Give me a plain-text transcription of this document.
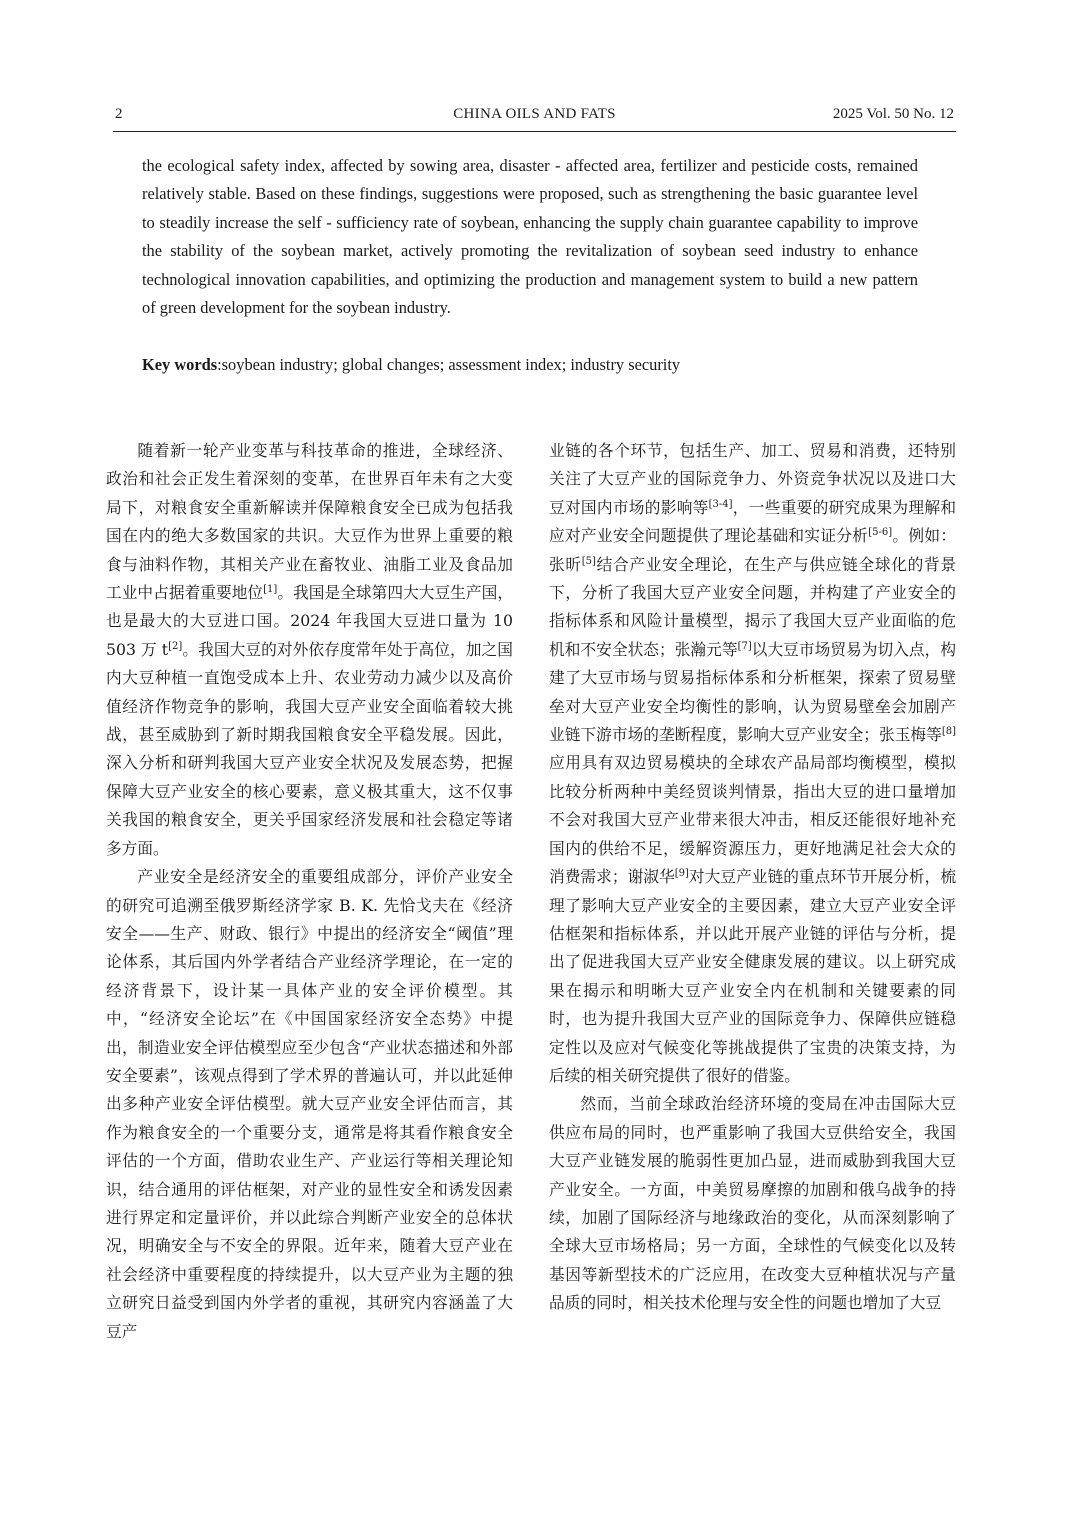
2	CHINA OILS AND FATS	2025 Vol. 50 No. 12
the ecological safety index, affected by sowing area, disaster - affected area, fertilizer and pesticide costs, remained relatively stable. Based on these findings, suggestions were proposed, such as strengthening the basic guarantee level to steadily increase the self - sufficiency rate of soybean, enhancing the supply chain guarantee capability to improve the stability of the soybean market, actively promoting the revitalization of soybean seed industry to enhance technological innovation capabilities, and optimizing the production and management system to build a new pattern of green development for the soybean industry.
Key words:soybean industry; global changes; assessment index; industry security

随着新一轮产业变革与科技革命的推进，全球经济、政治和社会正发生着深刻的变革，在世界百年未有之大变局下，对粮食安全重新解读并保障粮食安全已成为包括我国在内的绝大多数国家的共识。大豆作为世界上重要的粮食与油料作物，其相关产业在畜牧业、油脂工业及食品加工业中占据着重要地位[1]。我国是全球第四大大豆生产国，也是最大的大豆进口国。2024 年我国大豆进口量为 10 503 万 t[2]。我国大豆的对外依存度常年处于高位，加之国内大豆种植一直饱受成本上升、农业劳动力减少以及高价值经济作物竞争的影响，我国大豆产业安全面临着较大挑战，甚至威胁到了新时期我国粮食安全平稳发展。因此，深入分析和研判我国大豆产业安全状况及发展态势，把握保障大豆产业安全的核心要素，意义极其重大，这不仅事关我国的粮食安全，更关乎国家经济发展和社会稳定等诸多方面。

产业安全是经济安全的重要组成部分，评价产业安全的研究可追溯至俄罗斯经济学家 B. K. 先恰戈夫在《经济安全——生产、财政、银行》中提出的经济安全“阈值”理论体系，其后国内外学者结合产业经济学理论，在一定的经济背景下，设计某一具体产业的安全评价模型。其中，“经济安全论坛”在《中国国家经济安全态势》中提出，制造业安全评估模型应至少包含“产业状态描述和外部安全要素”，该观点得到了学术界的普遍认可，并以此延伸出多种产业安全评估模型。就大豆产业安全评估而言，其作为粮食安全的一个重要分支，通常是将其看作粮食安全评估的一个方面，借助农业生产、产业运行等相关理论知识，结合通用的评估框架，对产业的显性安全和诱发因素进行界定和定量评价，并以此综合判断产业安全的总体状况，明确安全与不安全的界限。近年来，随着大豆产业在社会经济中重要程度的持续提升，以大豆产业为主题的独立研究日益受到国内外学者的重视，其研究内容涵盖了大豆产

业链的各个环节，包括生产、加工、贸易和消费，还特别关注了大豆产业的国际竞争力、外资竞争状况以及进口大豆对国内市场的影响等[3-4]，一些重要的研究成果为理解和应对产业安全问题提供了理论基础和实证分析[5-6]。例如：张昕[5]结合产业安全理论，在生产与供应链全球化的背景下，分析了我国大豆产业安全问题，并构建了产业安全的指标体系和风险计量模型，揭示了我国大豆产业面临的危机和不安全状态；张瀚元等[7]以大豆市场贸易为切入点，构建了大豆市场与贸易指标体系和分析框架，探索了贸易壁垒对大豆产业安全均衡性的影响，认为贸易壁垒会加剧产业链下游市场的垄断程度，影响大豆产业安全；张玉梅等[8]应用具有双边贸易模块的全球农产品局部均衡模型，模拟比较分析两种中美经贸谈判情景，指出大豆的进口量增加不会对我国大豆产业带来很大冲击，相反还能很好地补充国内的供给不足，缓解资源压力，更好地满足社会大众的消费需求；谢淑华[9]对大豆产业链的重点环节开展分析，梳理了影响大豆产业安全的主要因素，建立大豆产业安全评估框架和指标体系，并以此开展产业链的评估与分析，提出了促进我国大豆产业安全健康发展的建议。以上研究成果在揭示和明晰大豆产业安全内在机制和关键要素的同时，也为提升我国大豆产业的国际竞争力、保障供应链稳定性以及应对气候变化等挑战提供了宝贵的决策支持，为后续的相关研究提供了很好的借鉴。

然而，当前全球政治经济环境的变局在冲击国际大豆供应布局的同时，也严重影响了我国大豆供给安全，我国大豆产业链发展的脆弱性更加凸显，进而威胁到我国大豆产业安全。一方面，中美贸易摩擦的加剧和俄乌战争的持续，加剧了国际经济与地缘政治的变化，从而深刻影响了全球大豆市场格局；另一方面，全球性的气候变化以及转基因等新型技术的广泛应用，在改变大豆种植状况与产量品质的同时，相关技术伦理与安全性的问题也增加了大豆
